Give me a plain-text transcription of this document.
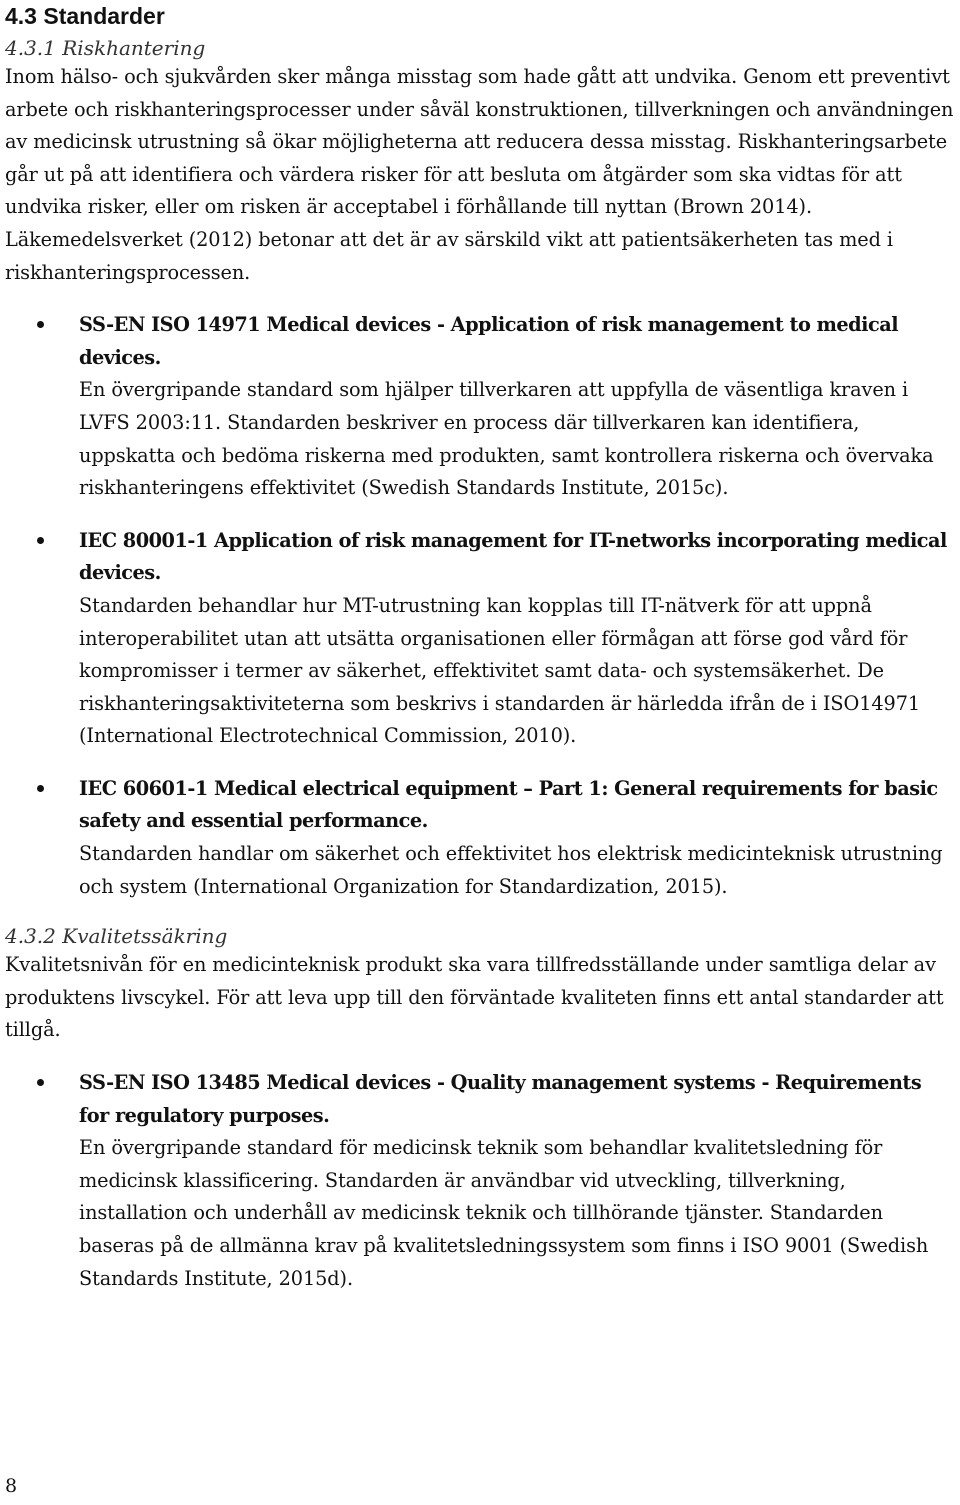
4.3 Standarder
4.3.1 Riskhantering

Inom hälso- och sjukvården sker många misstag som hade gått att undvika. Genom ett preventivt arbete och riskhanteringsprocesser under såväl konstruktionen, tillverkningen och användningen av medicinsk utrustning så ökar möjligheterna att reducera dessa misstag. Riskhanteringsarbete går ut på att identifiera och värdera risker för att besluta om åtgärder som ska vidtas för att undvika risker, eller om risken är acceptabel i förhållande till nyttan (Brown 2014). Läkemedelsverket (2012) betonar att det är av särskild vikt att patientsäkerheten tas med i riskhanteringsprocessen.

SS-EN ISO 14971 Medical devices - Application of risk management to medical devices.

En övergripande standard som hjälper tillverkaren att uppfylla de väsentliga kraven i LVFS 2003:11. Standarden beskriver en process där tillverkaren kan identifiera, uppskatta och bedöma riskerna med produkten, samt kontrollera riskerna och övervaka riskhanteringens effektivitet (Swedish Standards Institute, 2015c).

IEC 80001-1 Application of risk management for IT-networks incorporating medical devices.

Standarden behandlar hur MT-utrustning kan kopplas till IT-nätverk för att uppnå interoperabilitet utan att utsätta organisationen eller förmågan att förse god vård för kompromisser i termer av säkerhet, effektivitet samt data- och systemsäkerhet. De riskhanteringsaktiviteterna som beskrivs i standarden är härledda ifrån de i ISO14971 (International Electrotechnical Commission, 2010).

IEC 60601-1 Medical electrical equipment – Part 1: General requirements for basic safety and essential performance.

Standarden handlar om säkerhet och effektivitet hos elektrisk medicinteknisk utrustning och system (International Organization for Standardization, 2015).

4.3.2 Kvalitetssäkring

Kvalitetsnivån för en medicinteknisk produkt ska vara tillfredsställande under samtliga delar av produktens livscykel. För att leva upp till den förväntade kvaliteten finns ett antal standarder att tillgå.

SS-EN ISO 13485 Medical devices - Quality management systems - Requirements for regulatory purposes.

En övergripande standard för medicinsk teknik som behandlar kvalitetsledning för medicinsk klassificering. Standarden är användbar vid utveckling, tillverkning, installation och underhåll av medicinsk teknik och tillhörande tjänster. Standarden baseras på de allmänna krav på kvalitetsledningssystem som finns i ISO 9001 (Swedish Standards Institute, 2015d).

8
